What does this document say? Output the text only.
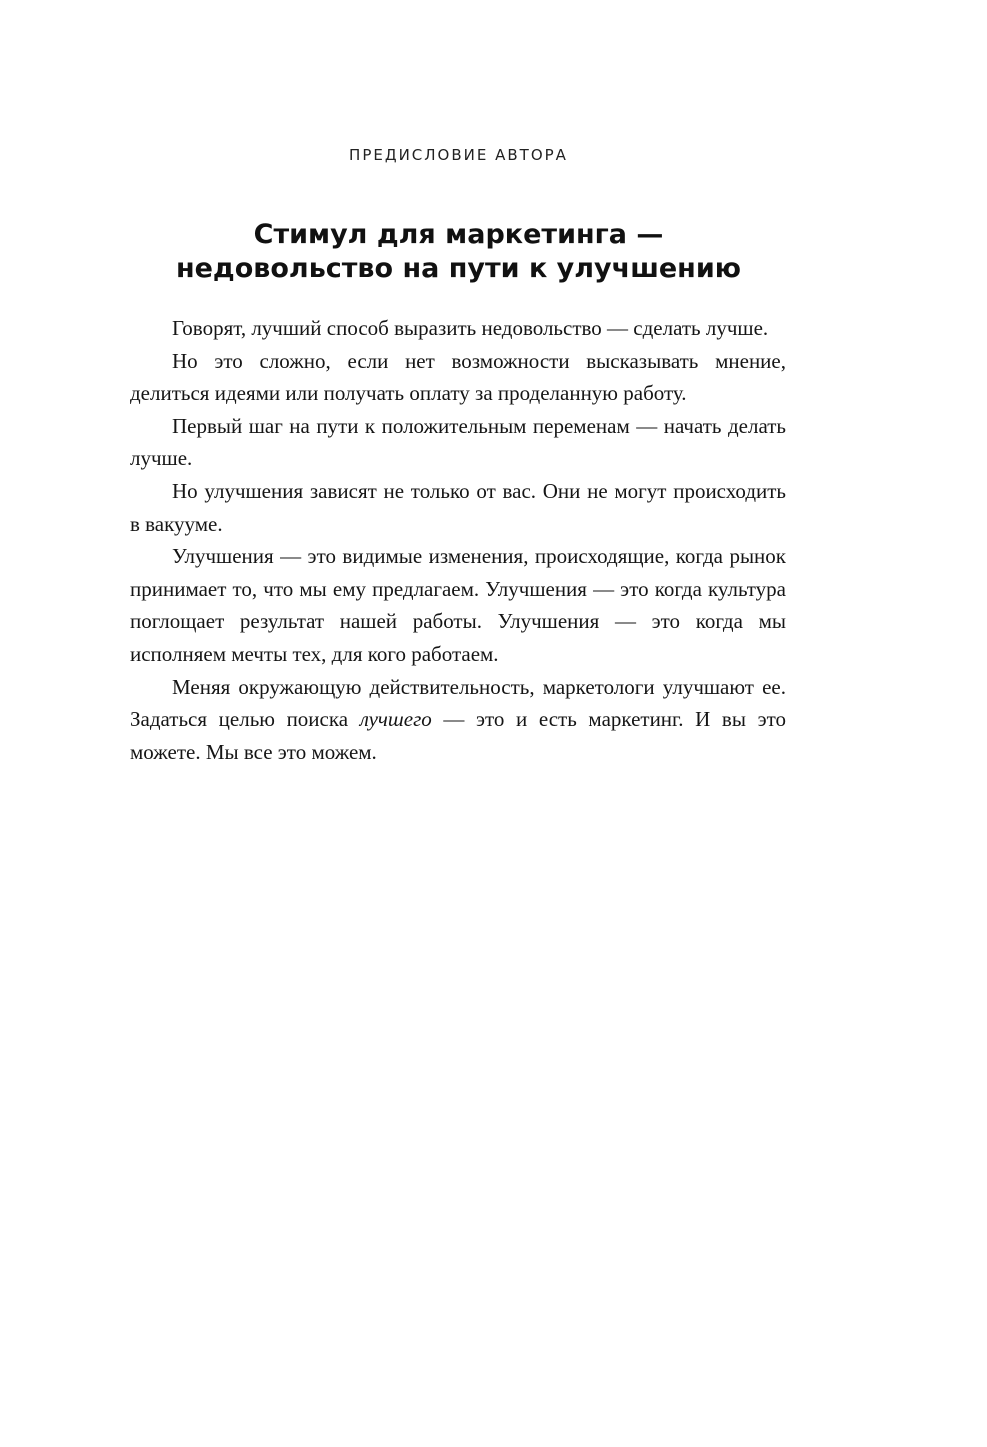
ПРЕДИСЛОВИЕ АВТОРА
Стимул для маркетинга —
недовольство на пути к улучшению

Говорят, лучший способ выразить недовольство — сделать лучше.

Но это сложно, если нет возможности высказывать мнение, делиться идеями или получать оплату за проделанную работу.

Первый шаг на пути к положительным переменам — начать делать лучше.

Но улучшения зависят не только от вас. Они не могут происходить в вакууме.

Улучшения — это видимые изменения, происходящие, когда рынок принимает то, что мы ему предлагаем. Улучшения — это когда культура поглощает результат нашей работы. Улучшения — это когда мы исполняем мечты тех, для кого работаем.

Меняя окружающую действительность, маркетологи улучшают ее. Задаться целью поиска лучшего — это и есть маркетинг. И вы это можете. Мы все это можем.
